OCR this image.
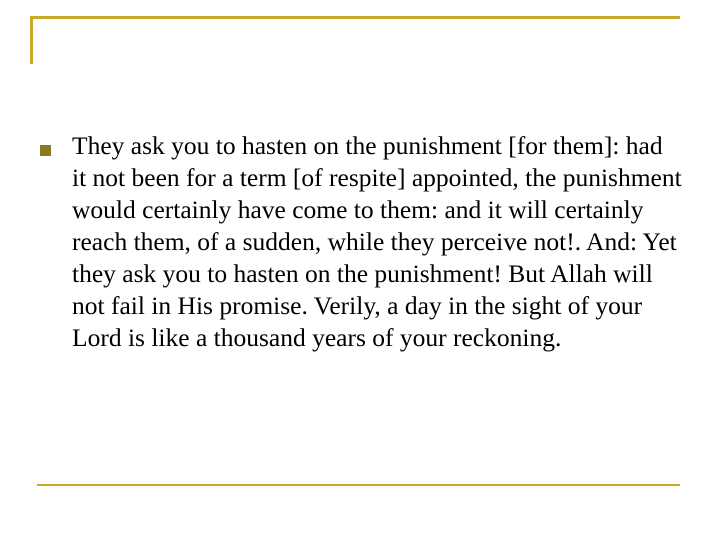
They ask you to hasten on the punishment [for them]: had it not been for a term [of respite] appointed, the punishment would certainly have come to them: and it will certainly reach them, of a sudden, while they perceive not!. And: Yet they ask you to hasten on the punishment! But Allah will not fail in His promise. Verily, a day in the sight of your Lord is like a thousand years of your reckoning.
